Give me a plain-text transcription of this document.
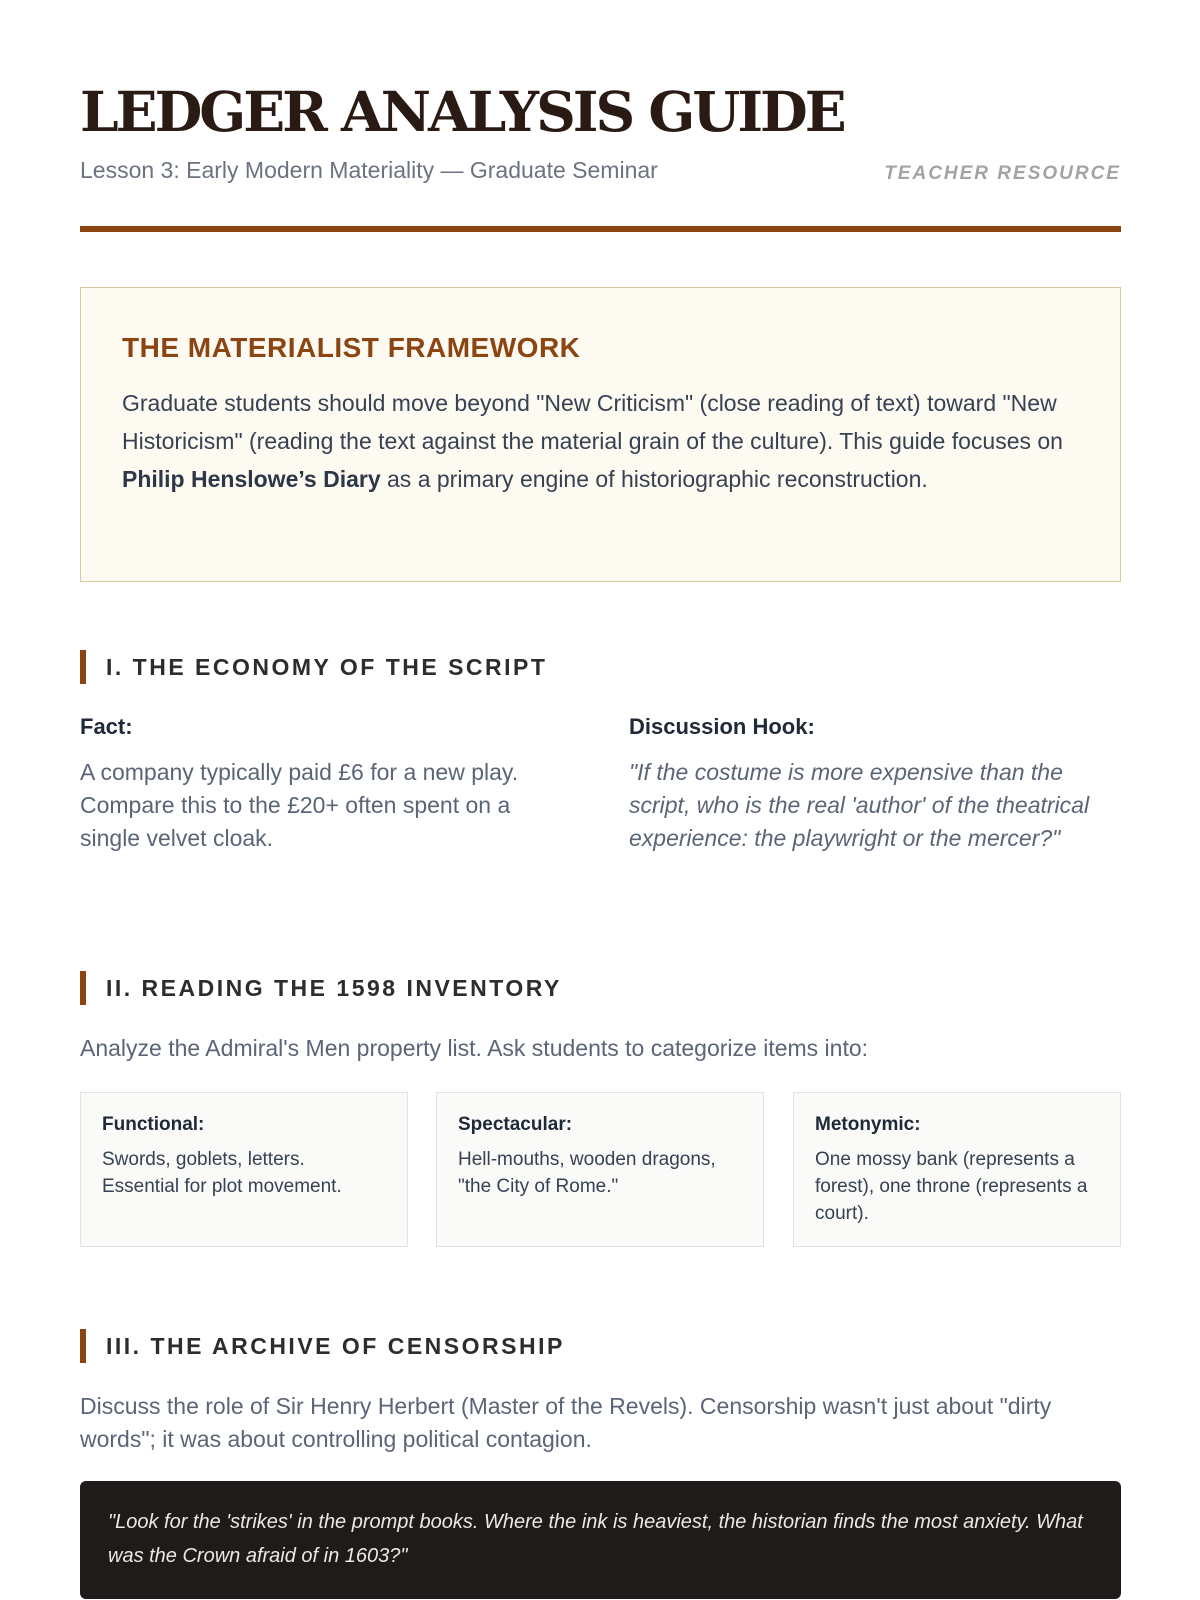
LEDGER ANALYSIS GUIDE
Lesson 3: Early Modern Materiality — Graduate Seminar	TEACHER RESOURCE
THE MATERIALIST FRAMEWORK

Graduate students should move beyond "New Criticism" (close reading of text) toward "New Historicism" (reading the text against the material grain of the culture). This guide focuses on Philip Henslowe’s Diary as a primary engine of historiographic reconstruction.

I. THE ECONOMY OF THE SCRIPT
Fact:
A company typically paid £6 for a new play. Compare this to the £20+ often spent on a single velvet cloak.
Discussion Hook:
"If the costume is more expensive than the script, who is the real 'author' of the theatrical experience: the playwright or the mercer?"
II. READING THE 1598 INVENTORY
Analyze the Admiral's Men property list. Ask students to categorize items into:
Functional:
Swords, goblets, letters. Essential for plot movement.
Spectacular:
Hell-mouths, wooden dragons, "the City of Rome."
Metonymic:
One mossy bank (represents a forest), one throne (represents a court).
III. THE ARCHIVE OF CENSORSHIP
Discuss the role of Sir Henry Herbert (Master of the Revels). Censorship wasn't just about "dirty words"; it was about controlling political contagion.
"Look for the 'strikes' in the prompt books. Where the ink is heaviest, the historian finds the most anxiety. What was the Crown afraid of in 1603?"
